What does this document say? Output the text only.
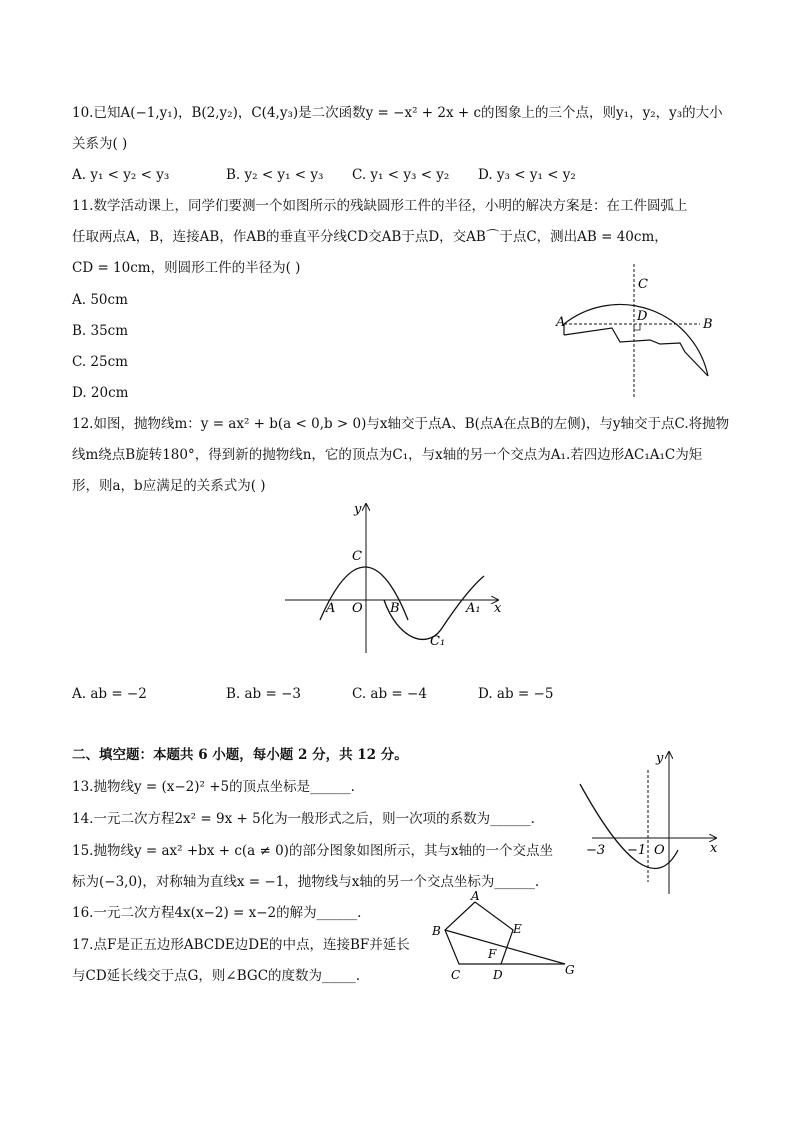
10.已知A(−1,y₁)，B(2,y₂)，C(4,y₃)是二次函数y = −x² + 2x + c的图象上的三个点，则y₁，y₂，y₃的大小
关系为( )
A. y₁ < y₂ < y₃	B. y₂ < y₁ < y₃ C. y₁ < y₃ < y₂ D. y₃ < y₁ < y₂
11.数学活动课上，同学们要测一个如图所示的残缺圆形工件的半径，小明的解决方案是：在工件圆弧上
任取两点A，B，连接AB，作AB的垂直平分线CD交AB于点D，交AB⌒于点C，测出AB = 40cm，
CD = 10cm，则圆形工件的半径为( )
A. 50cm
B. 35cm
C. 25cm
D. 20cm
A	B
C
D
12.如图，抛物线m：y = ax² + b(a < 0,b > 0)与x轴交于点A、B(点A在点B的左侧)，与y轴交于点C.将抛物
线m绕点B旋转180°，得到新的抛物线n，它的顶点为C₁，与x轴的另一个交点为A₁.若四边形AC₁A₁C为矩
形，则a，b应满足的关系式为( )
y
C
A O B	A₁ x
C₁
A. ab = −2	B. ab = −3	C. ab = −4	D. ab = −5
二、填空题：本题共 6 小题，每小题 2 分，共 12 分。
13.抛物线y = (x−2)² +5的顶点坐标是______.
14.一元二次方程2x² = 9x + 5化为一般形式之后，则一次项的系数为______.
15.抛物线y = ax² +bx + c(a ≠ 0)的部分图象如图所示，其与x轴的一个交点坐
标为(−3,0)，对称轴为直线x = −1，抛物线与x轴的另一个交点坐标为______.
y
−3 −1 O	x
16.一元二次方程4x(x−2) = x−2的解为______.
17.点F是正五边形ABCDE边DE的中点，连接BF并延长
与CD延长线交于点G，则∠BGC的度数为_____.
A
B	E
F
C	D	G
